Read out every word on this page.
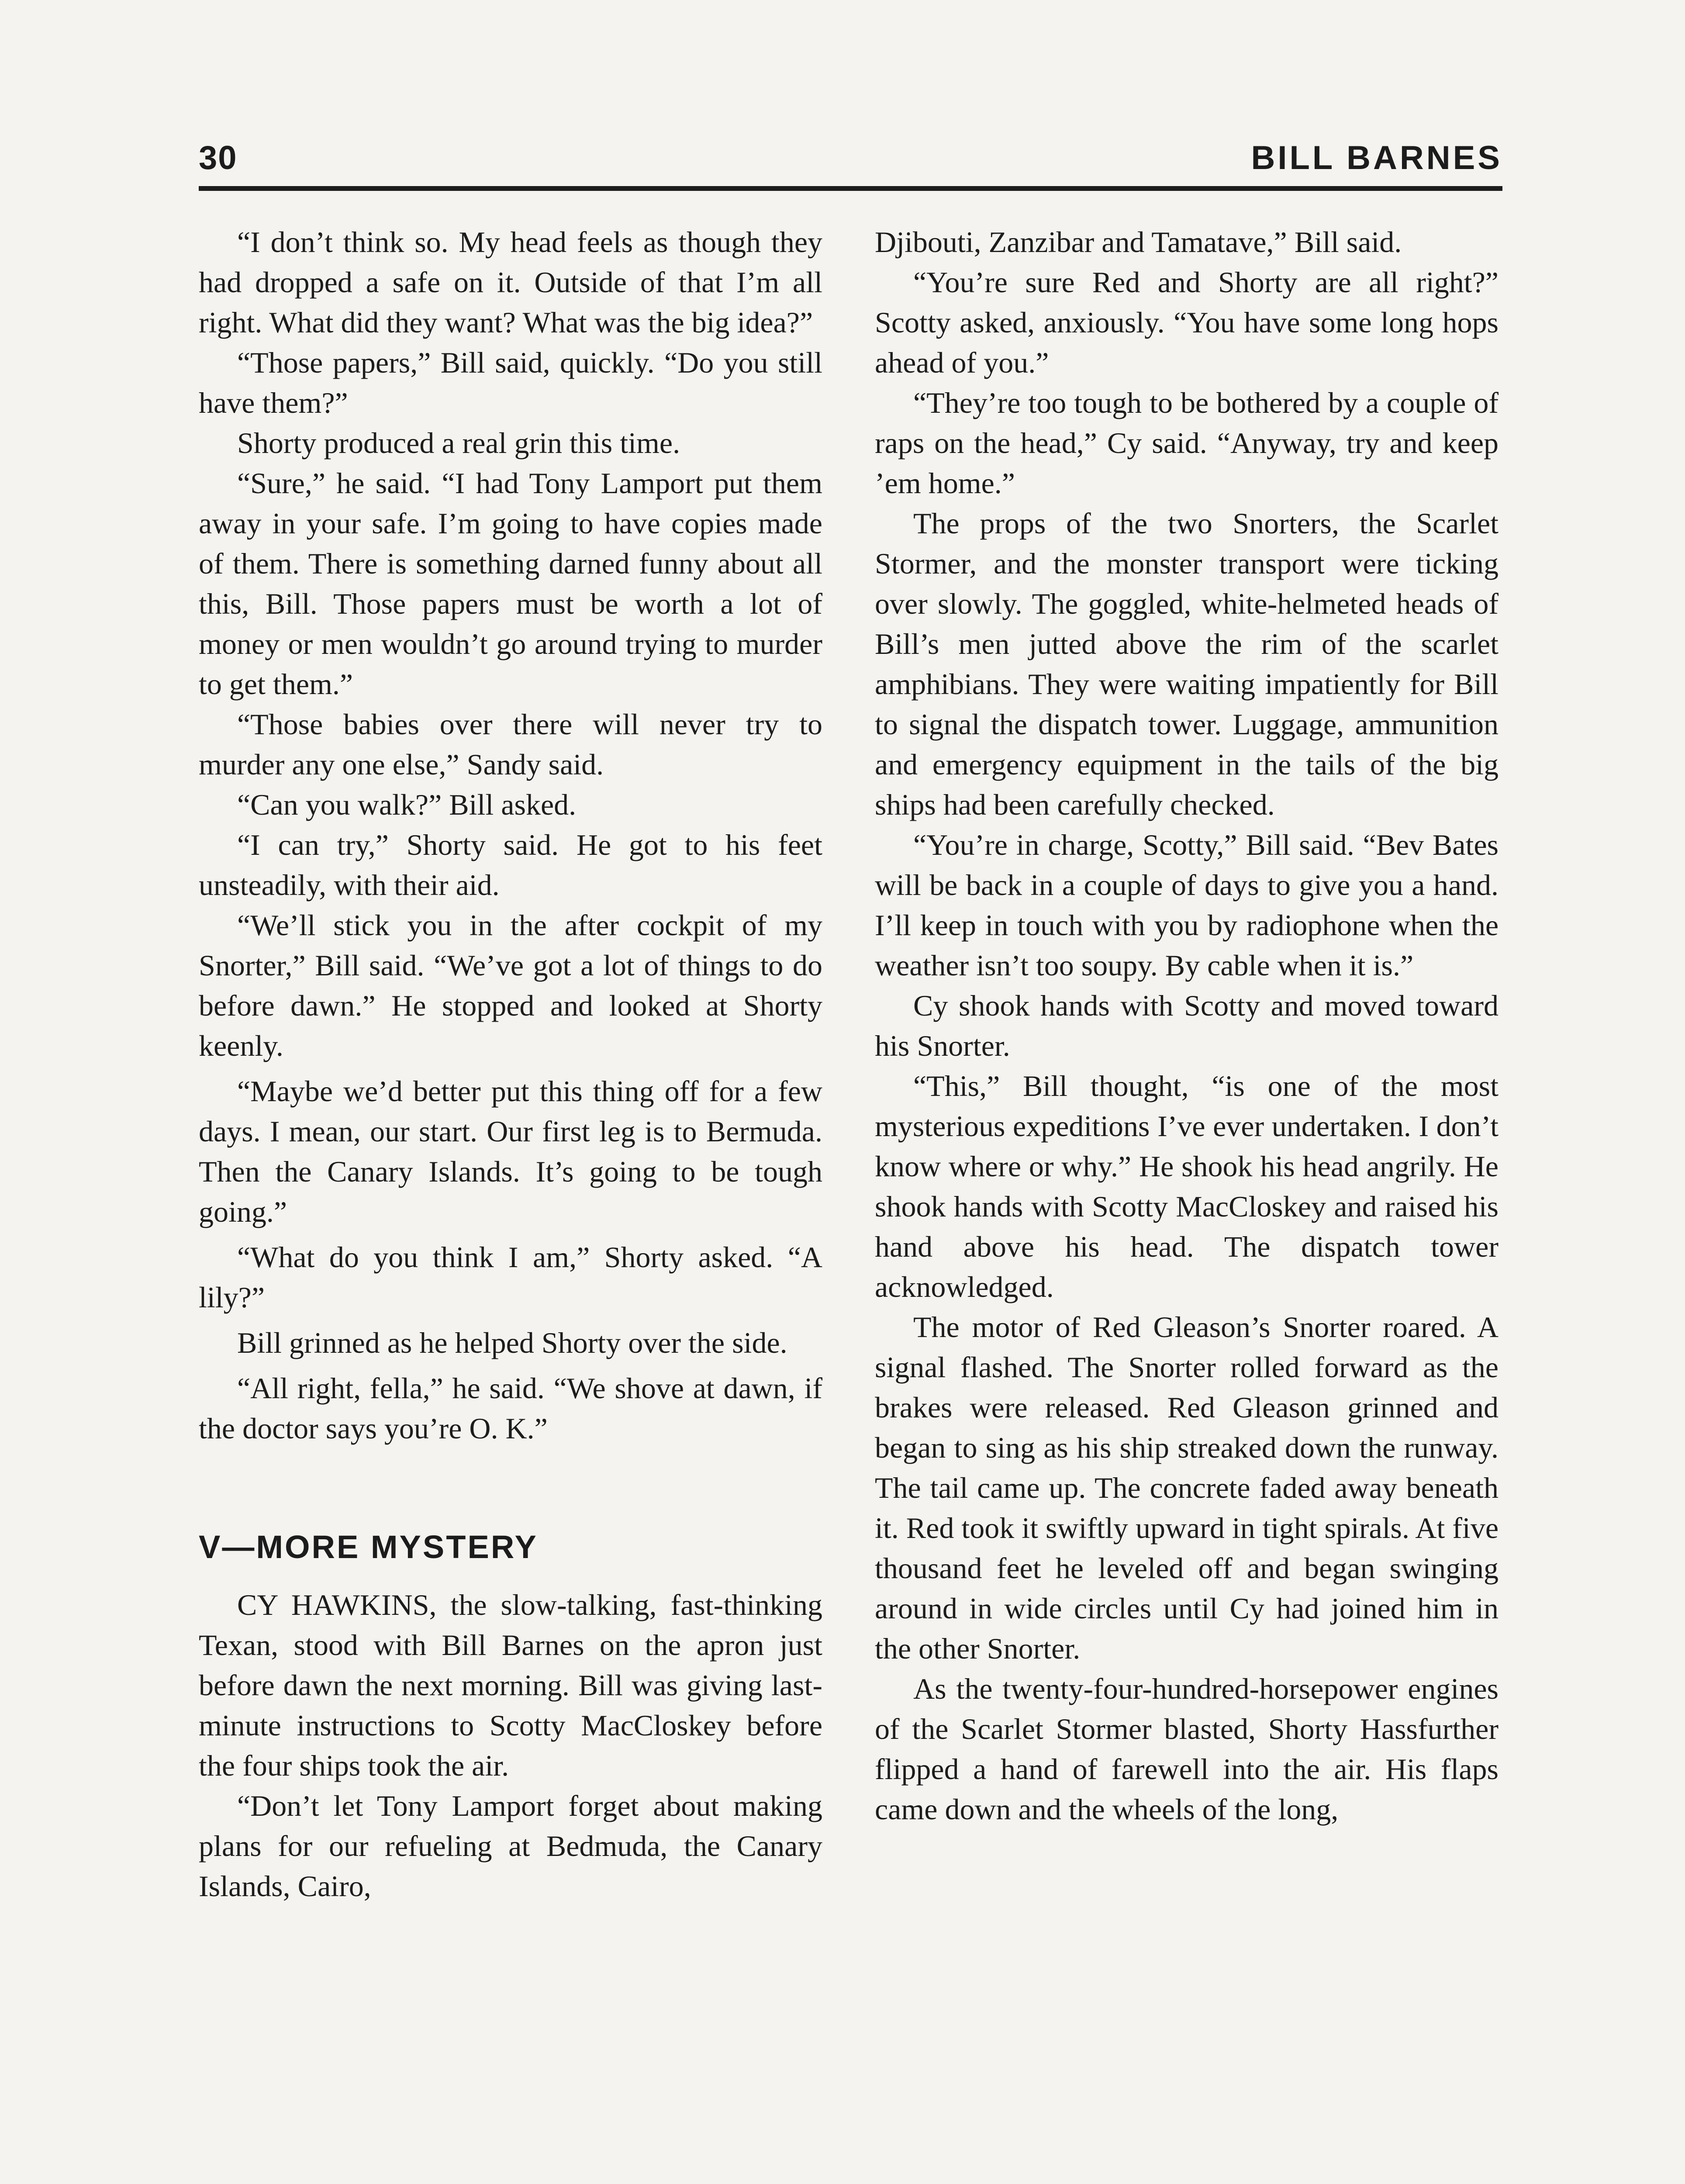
30	BILL BARNES

“I don’t think so. My head feels as though they had dropped a safe on it. Outside of that I’m all right. What did they want? What was the big idea?”

“Those papers,” Bill said, quickly. “Do you still have them?”

Shorty produced a real grin this time.

“Sure,” he said. “I had Tony Lamport put them away in your safe. I’m going to have copies made of them. There is something darned funny about all this, Bill. Those papers must be worth a lot of money or men wouldn’t go around trying to murder to get them.”

“Those babies over there will never try to murder any one else,” Sandy said.

“Can you walk?” Bill asked.

“I can try,” Shorty said. He got to his feet unsteadily, with their aid.

“We’ll stick you in the after cockpit of my Snorter,” Bill said. “We’ve got a lot of things to do before dawn.” He stopped and looked at Shorty keenly.

“Maybe we’d better put this thing off for a few days. I mean, our start. Our first leg is to Bermuda. Then the Canary Islands. It’s going to be tough going.”

“What do you think I am,” Shorty asked. “A lily?”

Bill grinned as he helped Shorty over the side.

“All right, fella,” he said. “We shove at dawn, if the doctor says you’re O. K.”

V—MORE MYSTERY

CY HAWKINS, the slow-talking, fast-thinking Texan, stood with Bill Barnes on the apron just before dawn the next morning. Bill was giving last-minute instructions to Scotty MacCloskey before the four ships took the air.

“Don’t let Tony Lamport forget about making plans for our refueling at Bedmuda, the Canary Islands, Cairo,

Djibouti, Zanzibar and Tamatave,” Bill said.

“You’re sure Red and Shorty are all right?” Scotty asked, anxiously. “You have some long hops ahead of you.”

“They’re too tough to be bothered by a couple of raps on the head,” Cy said. “Anyway, try and keep ’em home.”

The props of the two Snorters, the Scarlet Stormer, and the monster transport were ticking over slowly. The goggled, white-helmeted heads of Bill’s men jutted above the rim of the scarlet amphibians. They were waiting impatiently for Bill to signal the dispatch tower. Luggage, ammunition and emergency equipment in the tails of the big ships had been carefully checked.

“You’re in charge, Scotty,” Bill said. “Bev Bates will be back in a couple of days to give you a hand. I’ll keep in touch with you by radiophone when the weather isn’t too soupy. By cable when it is.”

Cy shook hands with Scotty and moved toward his Snorter.

“This,” Bill thought, “is one of the most mysterious expeditions I’ve ever undertaken. I don’t know where or why.” He shook his head angrily. He shook hands with Scotty MacCloskey and raised his hand above his head. The dispatch tower acknowledged.

The motor of Red Gleason’s Snorter roared. A signal flashed. The Snorter rolled forward as the brakes were released. Red Gleason grinned and began to sing as his ship streaked down the runway. The tail came up. The concrete faded away beneath it. Red took it swiftly upward in tight spirals. At five thousand feet he leveled off and began swinging around in wide circles until Cy had joined him in the other Snorter.

As the twenty-four-hundred-horsepower engines of the Scarlet Stormer blasted, Shorty Hassfurther flipped a hand of farewell into the air. His flaps came down and the wheels of the long,
